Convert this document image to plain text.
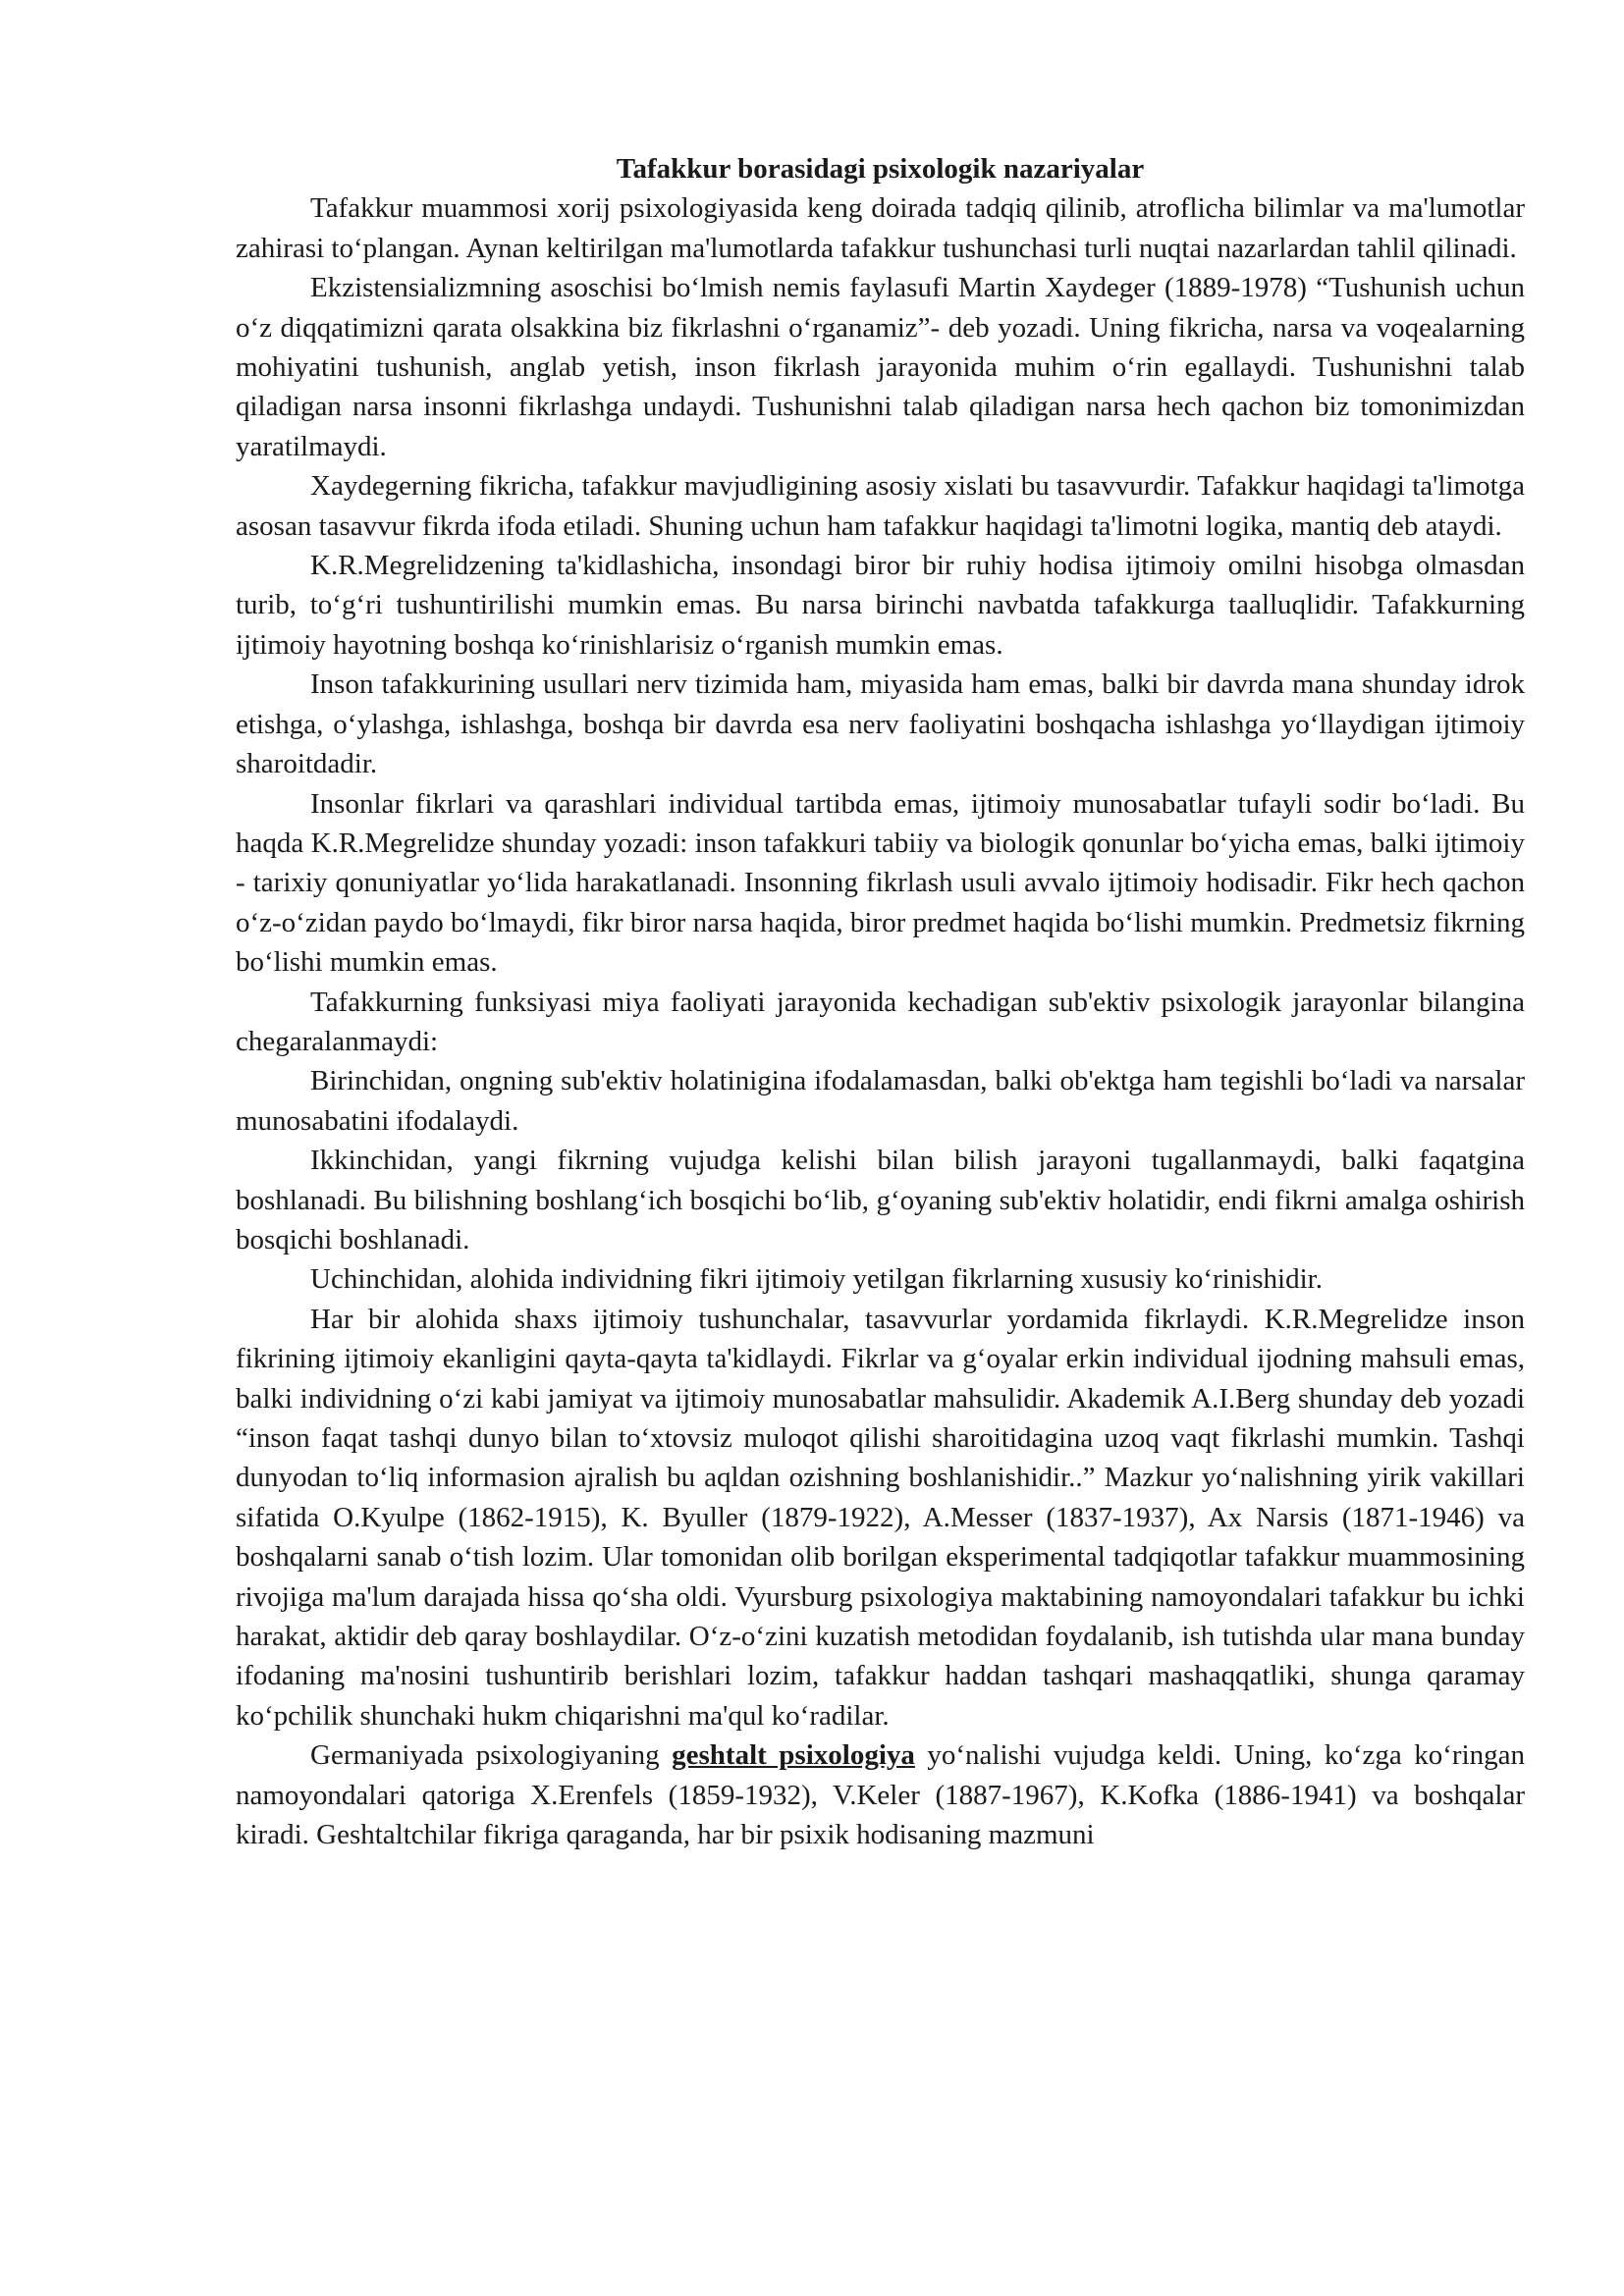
Tafakkur borasidagi psixologik nazariyalar

Tafakkur muammosi xorij psixologiyasida keng doirada tadqiq qilinib, atroflicha bilimlar va ma'lumotlar zahirasi to‘plangan. Aynan keltirilgan ma'lumotlarda tafakkur tushunchasi turli nuqtai nazarlardan tahlil qilinadi.

Ekzistensializmning asoschisi bo‘lmish nemis faylasufi Martin Xaydeger (1889-1978) “Tushunish uchun o‘z diqqatimizni qarata olsakkina biz fikrlashni o‘rganamiz”- deb yozadi. Uning fikricha, narsa va voqealarning mohiyatini tushunish, anglab yetish, inson fikrlash jarayonida muhim o‘rin egallaydi. Tushunishni talab qiladigan narsa insonni fikrlashga undaydi. Tushunishni talab qiladigan narsa hech qachon biz tomonimizdan yaratilmaydi.

Xaydegerning fikricha, tafakkur mavjudligining asosiy xislati bu tasavvurdir. Tafakkur haqidagi ta'limotga asosan tasavvur fikrda ifoda etiladi. Shuning uchun ham tafakkur haqidagi ta'limotni logika, mantiq deb ataydi.

K.R.Megrelidzening ta'kidlashicha, insondagi biror bir ruhiy hodisa ijtimoiy omilni hisobga olmasdan turib, to‘g‘ri tushuntirilishi mumkin emas. Bu narsa birinchi navbatda tafakkurga taalluqlidir. Tafakkurning ijtimoiy hayotning boshqa ko‘rinishlarisiz o‘rganish mumkin emas.

Inson tafakkurining usullari nerv tizimida ham, miyasida ham emas, balki bir davrda mana shunday idrok etishga, o‘ylashga, ishlashga, boshqa bir davrda esa nerv faoliyatini boshqacha ishlashga yo‘llaydigan ijtimoiy sharoitdadir.

Insonlar fikrlari va qarashlari individual tartibda emas, ijtimoiy munosabatlar tufayli sodir bo‘ladi. Bu haqda K.R.Megrelidze shunday yozadi: inson tafakkuri tabiiy va biologik qonunlar bo‘yicha emas, balki ijtimoiy - tarixiy qonuniyatlar yo‘lida harakatlanadi. Insonning fikrlash usuli avvalo ijtimoiy hodisadir. Fikr hech qachon o‘z-o‘zidan paydo bo‘lmaydi, fikr biror narsa haqida, biror predmet haqida bo‘lishi mumkin. Predmetsiz fikrning bo‘lishi mumkin emas.

Tafakkurning funksiyasi miya faoliyati jarayonida kechadigan sub'ektiv psixologik jarayonlar bilangina chegaralanmaydi:

Birinchidan, ongning sub'ektiv holatinigina ifodalamasdan, balki ob'ektga ham tegishli bo‘ladi va narsalar munosabatini ifodalaydi.

Ikkinchidan, yangi fikrning vujudga kelishi bilan bilish jarayoni tugallanmaydi, balki faqatgina boshlanadi. Bu bilishning boshlang‘ich bosqichi bo‘lib, g‘oyaning sub'ektiv holatidir, endi fikrni amalga oshirish bosqichi boshlanadi.

Uchinchidan, alohida individning fikri ijtimoiy yetilgan fikrlarning xususiy ko‘rinishidir.

Har bir alohida shaxs ijtimoiy tushunchalar, tasavvurlar yordamida fikrlaydi. K.R.Megrelidze inson fikrining ijtimoiy ekanligini qayta-qayta ta'kidlaydi. Fikrlar va g‘oyalar erkin individual ijodning mahsuli emas, balki individning o‘zi kabi jamiyat va ijtimoiy munosabatlar mahsulidir. Akademik A.I.Berg shunday deb yozadi “inson faqat tashqi dunyo bilan to‘xtovsiz muloqot qilishi sharoitidagina uzoq vaqt fikrlashi mumkin. Tashqi dunyodan to‘liq informasion ajralish bu aqldan ozishning boshlanishidir..” Mazkur yo‘nalishning yirik vakillari sifatida O.Kyulpe (1862-1915), K. Byuller (1879-1922), A.Messer (1837-1937), Ax Narsis (1871-1946) va boshqalarni sanab o‘tish lozim. Ular tomonidan olib borilgan eksperimental tadqiqotlar tafakkur muammosining rivojiga ma'lum darajada hissa qo‘sha oldi. Vyursburg psixologiya maktabining namoyondalari tafakkur bu ichki harakat, aktidir deb qaray boshlaydilar. O‘z-o‘zini kuzatish metodidan foydalanib, ish tutishda ular mana bunday ifodaning ma'nosini tushuntirib berishlari lozim, tafakkur haddan tashqari mashaqqatliki, shunga qaramay ko‘pchilik shunchaki hukm chiqarishni ma'qul ko‘radilar.

Germaniyada psixologiyaning geshtalt psixologiya yo‘nalishi vujudga keldi. Uning, ko‘zga ko‘ringan namoyondalari qatoriga X.Erenfels (1859-1932), V.Keler (1887-1967), K.Kofka (1886-1941) va boshqalar kiradi. Geshtaltchilar fikriga qaraganda, har bir psixik hodisaning mazmuni
